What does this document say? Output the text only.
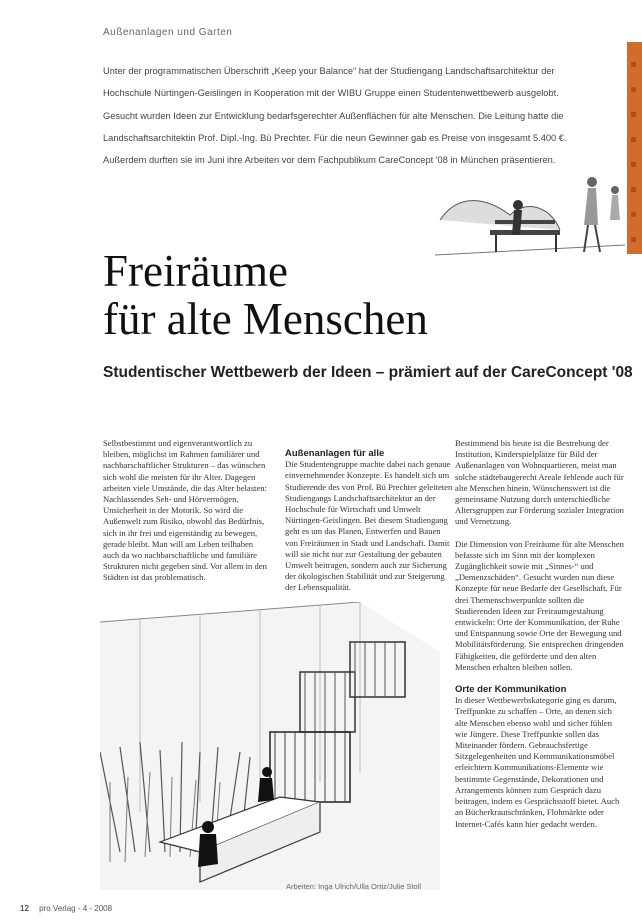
Außenanlagen und Garten
Unter der programmatischen Überschrift „Keep your Balance“ hat der Studiengang Landschaftsarchitektur der Hochschule Nürtingen-Geislingen in Kooperation mit der WIBU Gruppe einen Studentenwettbewerb ausgelobt. Gesucht wurden Ideen zur Entwicklung bedarfsgerechter Außenflächen für alte Menschen. Die Leitung hatte die Landschaftsarchitektin Prof. Dipl.-Ing. Bü Prechter. Für die neun Gewinner gab es Preise von insgesamt 5.400 €. Außerdem durften sie im Juni ihre Arbeiten vor dem Fachpublikum CareConcept '08 in München präsentieren.
Freiräume
für alte Menschen
Studentischer Wettbewerb der Ideen – prämiert auf der CareConcept '08

Selbstbestimmt und eigenverantwortlich zu bleiben, möglichst im Rahmen familiärer und nachbarschaftlicher Strukturen – das wünschen sich wohl die meisten für ihr Alter. Dagegen arbeiten viele Umstände, die das Alter belasten: Nachlassendes Seh- und Hörvermögen, Unsicherheit in der Motorik. So wird die Außenwelt zum Risiko, obwohl das Bedürfnis, sich in ihr frei und eigenständig zu bewegen, gerade bleibt. Man will am Leben teilhaben auch da wo nachbarschaftliche und familiäre Strukturen nicht gegeben sind. Vor allem in den Städten ist das problematisch.

Außenanlagen für alle

Die Studentengruppe machte dabei nach genaue einvernehmender Konzepte. Es handelt sich um Studierende des von Prof. Bü Prechter geleiteten Studiengangs Landschaftsarchitektur an der Hochschule für Wirtschaft und Umwelt Nürtingen-Geislingen. Bei diesem Studiengang geht es um das Planen, Entwerfen und Bauen von Freiräumen in Stadt und Landschaft. Damit will sie nicht nur zur Gestaltung der gebauten Umwelt beitragen, sondern auch zur Sicherung der ökologischen Stabilität und zur Steigerung der Lebensqualität.

Bestimmend bis heute ist die Bestrebung der Institution, Kinderspielplätze für Bild der Außenanlagen von Wohnquartieren, meist man solche städtebaugerecht Areale fehlende auch für alte Menschen hinein. Wünschenswert ist die gemeinsame Nutzung durch unterschiedliche Altersgruppen zur Förderung sozialer Integration und Vernetzung.

Die Dimension von Freiräume für alte Menschen befasste sich im Sinn mit der komplexen Zugänglichkeit sowie mit „Sinnes-“ und „Demenzschäden“. Gesucht wurden nun diese Konzepte für neue Bedarfe der Gesellschaft. Für drei Themenschwerpunkte sollten die Studierenden Ideen zur Freiraumgestaltung entwickeln: Orte der Kommunikation, der Ruhe und Entspannung sowie Orte der Bewegung und Mobilitätsförderung. Sie entsprechen dringenden Fähigkeiten, die geförderte und den alten Menschen erhalten bleiben sollen.

Orte der Kommunikation

In dieser Wettbewerbskategorie ging es darum, Treffpunkte zu schaffen – Orte, an denen sich alte Menschen ebenso wohl und sicher fühlen wie Jüngere. Diese Treffpunkte sollen das Miteinander fördern. Gebrauchsfertige Sitzgelegenheiten und Kommunikationsmöbel erleichtern Kommunikations-Elemente wie bestimmte Gegenstände, Dekorationen und Arrangements können zum Gespräch dazu beitragen, indem es Gesprächsstoff bietet. Auch an Bücherkrautschränken, Flohmärkte oder Internet-Cafés kann hier gedacht werden.

Arbeiten: Inga Ulrich/Ulla Ortiz/Julie Stoll
12 pro Verlag - 4 - 2008
